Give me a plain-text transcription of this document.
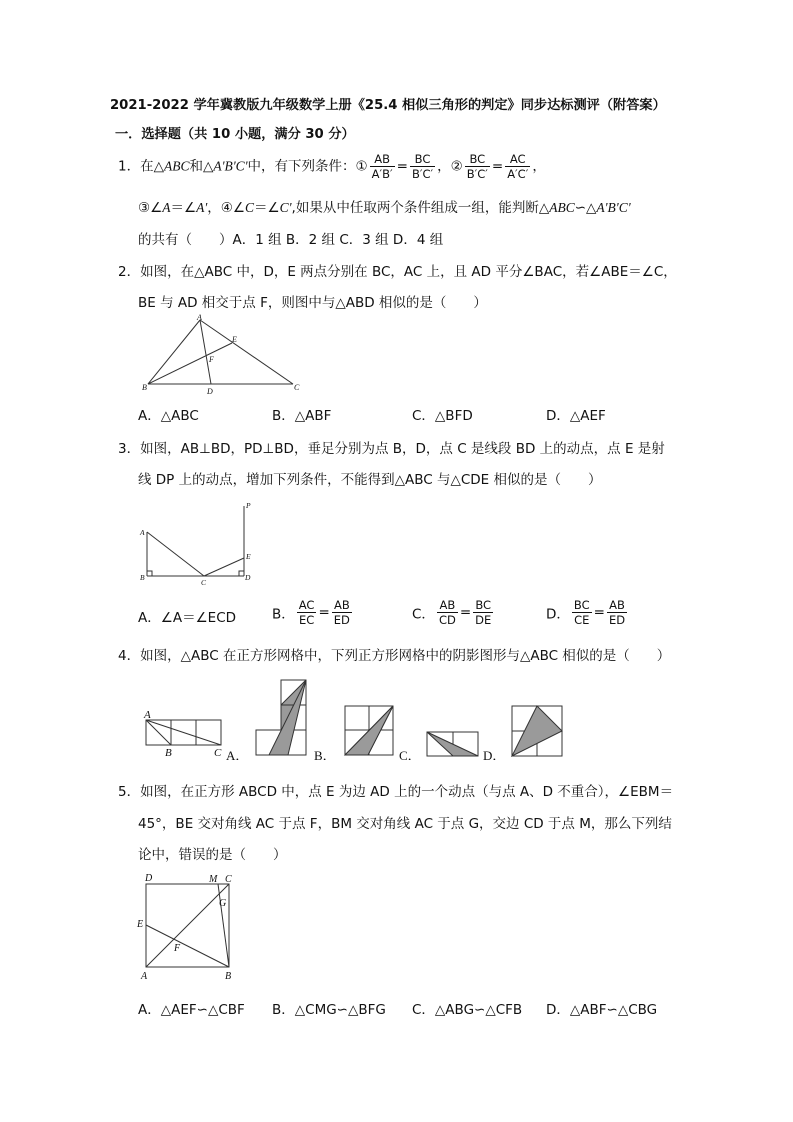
2021-2022 学年冀教版九年级数学上册《25.4 相似三角形的判定》同步达标测评（附答案）
一．选择题（共 10 小题，满分 30 分）
1．在△ABC和△A'B'C'中，有下列条件：① $\frac{AB}{A'B'} = \frac{BC}{B'C'}$ ，② $\frac{BC}{B'C'} = \frac{AC}{A'C'}$ ，
③∠A＝∠A′，④∠C＝∠C',如果从中任取两个条件组成一组，能判断△ABC∽△A'B'C'
的共有（　　）A．1 组 B．2 组 C．3 组 D．4 组
2．如图，在△ABC 中，D，E 两点分别在 BC，AC 上，且 AD 平分∠BAC，若∠ABE＝∠C，
BE 与 AD 相交于点 F，则图中与△ABD 相似的是（　　）
A
E
F
B	D	C
A．△ABC	B．△ABF	C．△BFD	D．△AEF
3．如图，AB⊥BD，PD⊥BD，垂足分别为点 B，D，点 C 是线段 BD 上的动点，点 E 是射
线 DP 上的动点，增加下列条件，不能得到△ABC 与△CDE 相似的是（　　）
P
A
E
B
C
D
A．∠A＝∠ECD	B． $\frac{AC}{EC} = \frac{AB}{ED}$	C． $\frac{AB}{CD} = \frac{BC}{DE}$	D． $\frac{BC}{CE} = \frac{AB}{ED}$
4．如图，△ABC 在正方形网格中，下列正方形网格中的阴影图形与△ABC 相似的是（　　）
A
B	C A．	B．	C．	D．
5．如图，在正方形 ABCD 中，点 E 为边 AD 上的一个动点（与点 A、D 不重合），∠EBM＝
45°，BE 交对角线 AC 于点 F，BM 交对角线 AC 于点 G，交边 CD 于点 M，那么下列结
论中，错误的是（　　）
D	M C
G
E
F
A	B
A．△AEF∽△CBF B．△CMG∽△BFG C．△ABG∽△CFB D．△ABF∽△CBG
